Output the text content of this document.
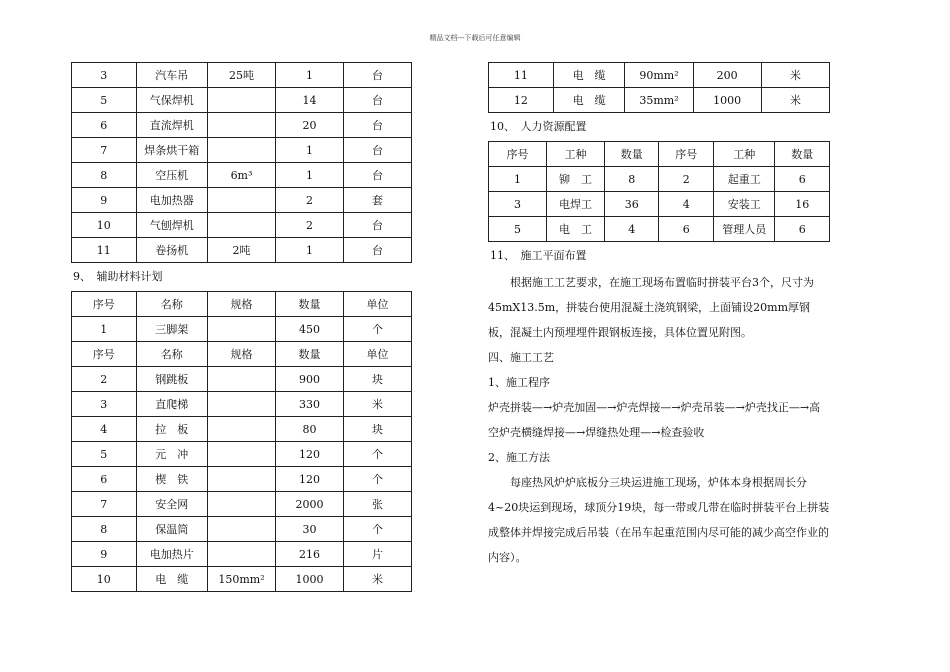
精品文档---下载后可任意编辑
3	汽车吊	25吨	1	台
5	气保焊机		14	台
6	直流焊机		20	台
7	焊条烘干箱		1	台
8	空压机	6m³	1	台
9	电加热器		2	套
10	气刨焊机		2	台
11	卷扬机	2吨	1	台
9、　辅助材料计划
序号	名称	规格	数量	单位
1	三脚架		450	个
序号	名称	规格	数量	单位
2	钢跳板		900	块
3	直爬梯		330	米
4	拉　板		80	块
5	元　冲		120	个
6	楔　铁		120	个
7	安全网		2000	张
8	保温筒		30	个
9	电加热片		216	片
10	电　缆	150mm²	1000	米
11	电　缆	90mm²	200	米
12	电　缆	35mm²	1000	米
10、　人力资源配置
序号	工种	数量	序号	工种	数量
1	铆　工	8	2	起重工	6
3	电焊工	36	4	安装工	16
5	电　工	4	6	管理人员	6
11、　施工平面布置

根据施工工艺要求，在施工现场布置临时拼装平台3个，尺寸为45mX13.5m，拼装台使用混凝土浇筑钢梁，上面铺设20mm厚钢板，混凝土内预埋埋件跟钢板连接，具体位置见附图。

四、施工工艺

1、施工程序

炉壳拼装—→炉壳加固—→炉壳焊接—→炉壳吊装—→炉壳找正—→高空炉壳横缝焊接—→焊缝热处理—→检查验收

2、施工方法

每座热风炉炉底板分三块运进施工现场，炉体本身根据周长分4~20块运到现场，球顶分19块，每一带或几带在临时拼装平台上拼装成整体并焊接完成后吊装（在吊车起重范围内尽可能的减少高空作业的内容）。
